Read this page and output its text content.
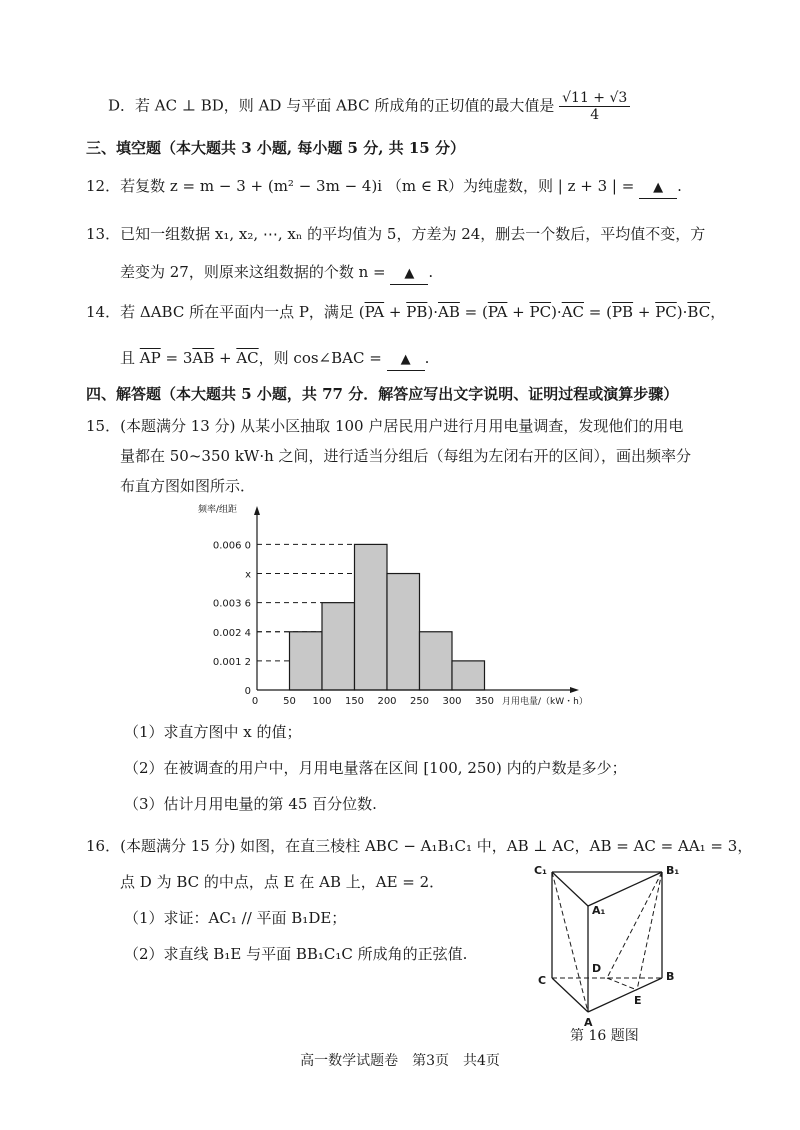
D．若 AC ⊥ BD，则 AD 与平面 ABC 所成角的正切值的最大值是 $\frac{√11 + √3}{4}$
三、填空题（本大题共 3 小题, 每小题 5 分, 共 15 分）
12．若复数 z = m − 3 + (m² − 3m − 4)i （m ∈ R）为纯虚数，则 | z + 3 | = ▲ .
13．已知一组数据 x₁, x₂, ⋯, xₙ 的平均值为 5，方差为 24，删去一个数后，平均值不变，方
差变为 27，则原来这组数据的个数 n = ▲ .
14．若 ΔABC 所在平面内一点 P，满足 $(\overline{PA} + \overline{PB})\cdot\overline{AB} = (\overline{PA} + \overline{PC})\cdot\overline{AC} = (\overline{PB} + \overline{PC})\cdot\overline{BC}$，
且 $\overline{AP} = 3\overline{AB} + \overline{AC}$，则 cos∠BAC = ▲ .
四、解答题（本大题共 5 小题，共 77 分．解答应写出文字说明、证明过程或演算步骤）
15．(本题满分 13 分) 从某小区抽取 100 户居民用户进行月用电量调查，发现他们的用电
量都在 50~350 kW·h 之间，进行适当分组后（每组为左闭右开的区间），画出频率分
布直方图如图所示．
0
0.001 2
0.002 4
0.003 6
x
0.006 0
50 100 150 200 250 300 350
0
频率/组距
月用电量/（kW・h）
（1）求直方图中 x 的值；
（2）在被调查的用户中，月用电量落在区间 [100, 250) 内的户数是多少；
（3）估计月用电量的第 45 百分位数.
16．(本题满分 15 分) 如图，在直三棱柱 ABC − A₁B₁C₁ 中，AB ⊥ AC，AB = AC = AA₁ = 3，
点 D 为 BC 的中点，点 E 在 AB 上，AE = 2．
（1）求证：AC₁ // 平面 B₁DE；
（2）求直线 B₁E 与平面 BB₁C₁C 所成角的正弦值.
C₁	B₁
A₁
C
D
B
E
A
第 16 题图
高一数学试题卷　第3页　共4页
